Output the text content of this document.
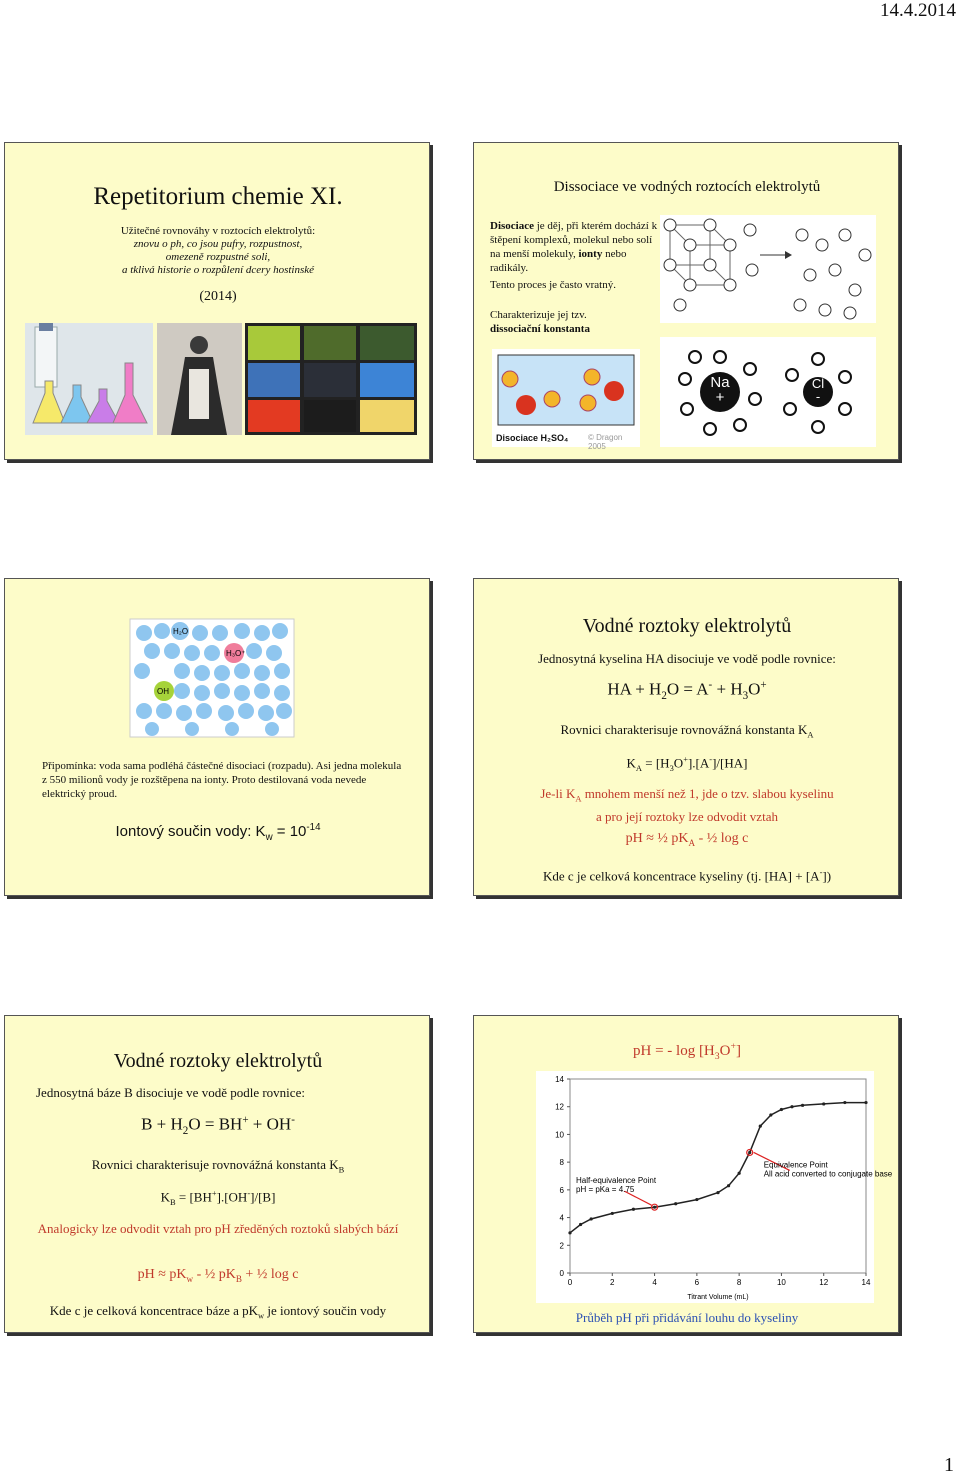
14.4.2014
Repetitorium chemie XI.
Užitečné rovnováhy v roztocích elektrolytů:
znovu o ph, co jsou pufry, rozpustnost,
omezeně rozpustné soli,
a tklivá historie o rozpůlení dcery hostinské
(2014)
Dissociace ve vodných roztocích elektrolytů
Disociace je děj, při kterém dochází k štěpení komplexů, molekul nebo solí na menší molekuly, ionty nebo radikály.
Tento proces je často vratný.
Charakterizuje jej tzv.
dissociační konstanta
Disociace H₂SO₄ © Dragon 2005
Na
+
Cl
-
H₂O
H₃O⁺
OH
Připomínka: voda sama podléhá částečné disociaci (rozpadu). Asi jedna molekula z 550 milionů vody je rozštěpena na ionty. Proto destilovaná voda nevede elektrický proud.
Iontový součin vody: $K_w = 10^{-14}$
Vodné roztoky elektrolytů
Jednosytná kyselina HA disociuje ve vodě podle rovnice:
HA + $H_2O = A^- + H_3O^+$
Rovnici charakterisuje rovnovážná konstanta $K_A$
$K_A = [H_3O^+].[A^-]/[HA]$
Je-li $K_A$ mnohem menší než 1, jde o tzv. slabou kyselinu
a pro její roztoky lze odvodit vztah
pH ≈ ½ $pK_A$ - ½ log c
Kde c je celková koncentrace kyseliny (tj. [HA] + [A-])
Vodné roztoky elektrolytů
Jednosytná báze B disociuje ve vodě podle rovnice:
$B + H_2O = BH^+ + OH^-$
Rovnici charakterisuje rovnovážná konstanta $K_B$
$K_B = [BH^+].[OH^-]/[B]$
Analogicky lze odvodit vztah pro pH zředěných roztoků slabých bází
pH ≈ $pK_w$ - ½ $pK_B$ + ½ log c
Kde c je celková koncentrace báze a $pK_w$ je iontový součin vody
pH = - $\log [H_3O^+]$
0
2
4
6
8
10
12
14
0	2	4	6	8	10	12	14
Titrant Volume (mL)
Equivalence Point
All acid converted to conjugate base
Half-equivalence Point
pH = pKa = 4.75
Průběh pH při přidávání louhu do kyseliny
1
